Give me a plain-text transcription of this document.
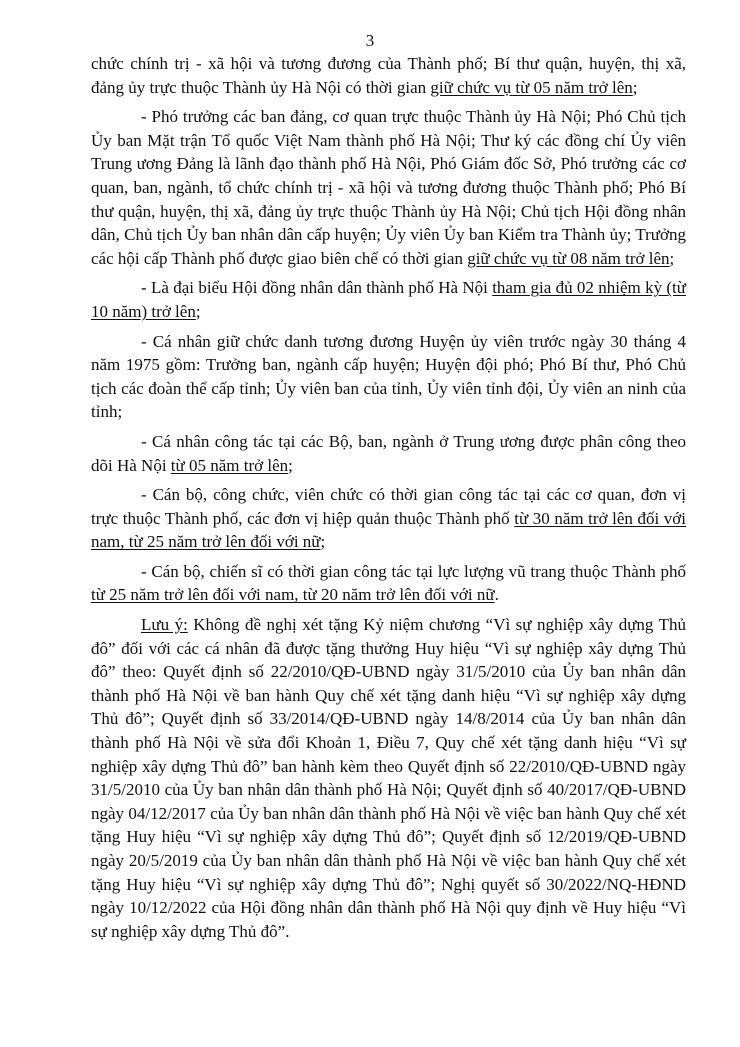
3

chức chính trị - xã hội và tương đương của Thành phố; Bí thư quận, huyện, thị xã, đảng ủy trực thuộc Thành ủy Hà Nội có thời gian giữ chức vụ từ 05 năm trở lên;

- Phó trưởng các ban đảng, cơ quan trực thuộc Thành ủy Hà Nội; Phó Chủ tịch Ủy ban Mặt trận Tổ quốc Việt Nam thành phố Hà Nội; Thư ký các đồng chí Ủy viên Trung ương Đảng là lãnh đạo thành phố Hà Nội, Phó Giám đốc Sở, Phó trưởng các cơ quan, ban, ngành, tổ chức chính trị - xã hội và tương đương thuộc Thành phố; Phó Bí thư quận, huyện, thị xã, đảng ủy trực thuộc Thành ủy Hà Nội; Chủ tịch Hội đồng nhân dân, Chủ tịch Ủy ban nhân dân cấp huyện; Ủy viên Ủy ban Kiểm tra Thành ủy; Trưởng các hội cấp Thành phố được giao biên chế có thời gian giữ chức vụ từ 08 năm trở lên;

- Là đại biểu Hội đồng nhân dân thành phố Hà Nội tham gia đủ 02 nhiệm kỳ (từ 10 năm) trở lên;

- Cá nhân giữ chức danh tương đương Huyện ủy viên trước ngày 30 tháng 4 năm 1975 gồm: Trưởng ban, ngành cấp huyện; Huyện đội phó; Phó Bí thư, Phó Chủ tịch các đoàn thể cấp tỉnh; Ủy viên ban của tỉnh, Ủy viên tỉnh đội, Ủy viên an ninh của tỉnh;

- Cá nhân công tác tại các Bộ, ban, ngành ở Trung ương được phân công theo dõi Hà Nội từ 05 năm trở lên;

- Cán bộ, công chức, viên chức có thời gian công tác tại các cơ quan, đơn vị trực thuộc Thành phố, các đơn vị hiệp quản thuộc Thành phố từ 30 năm trở lên đối với nam, từ 25 năm trở lên đối với nữ;

- Cán bộ, chiến sĩ có thời gian công tác tại lực lượng vũ trang thuộc Thành phố từ 25 năm trở lên đối với nam, từ 20 năm trở lên đối với nữ.

Lưu ý: Không đề nghị xét tặng Kỷ niệm chương “Vì sự nghiệp xây dựng Thủ đô” đối với các cá nhân đã được tặng thưởng Huy hiệu “Vì sự nghiệp xây dựng Thủ đô” theo: Quyết định số 22/2010/QĐ-UBND ngày 31/5/2010 của Ủy ban nhân dân thành phố Hà Nội về ban hành Quy chế xét tặng danh hiệu “Vì sự nghiệp xây dựng Thủ đô”; Quyết định số 33/2014/QĐ-UBND ngày 14/8/2014 của Ủy ban nhân dân thành phố Hà Nội về sửa đổi Khoản 1, Điều 7, Quy chế xét tặng danh hiệu “Vì sự nghiệp xây dựng Thủ đô” ban hành kèm theo Quyết định số 22/2010/QĐ-UBND ngày 31/5/2010 của Ủy ban nhân dân thành phố Hà Nội; Quyết định số 40/2017/QĐ-UBND ngày 04/12/2017 của Ủy ban nhân dân thành phố Hà Nội về việc ban hành Quy chế xét tặng Huy hiệu “Vì sự nghiệp xây dựng Thủ đô”; Quyết định số 12/2019/QĐ-UBND ngày 20/5/2019 của Ủy ban nhân dân thành phố Hà Nội về việc ban hành Quy chế xét tặng Huy hiệu “Vì sự nghiệp xây dựng Thủ đô”; Nghị quyết số 30/2022/NQ-HĐND ngày 10/12/2022 của Hội đồng nhân dân thành phố Hà Nội quy định về Huy hiệu “Vì sự nghiệp xây dựng Thủ đô”.
